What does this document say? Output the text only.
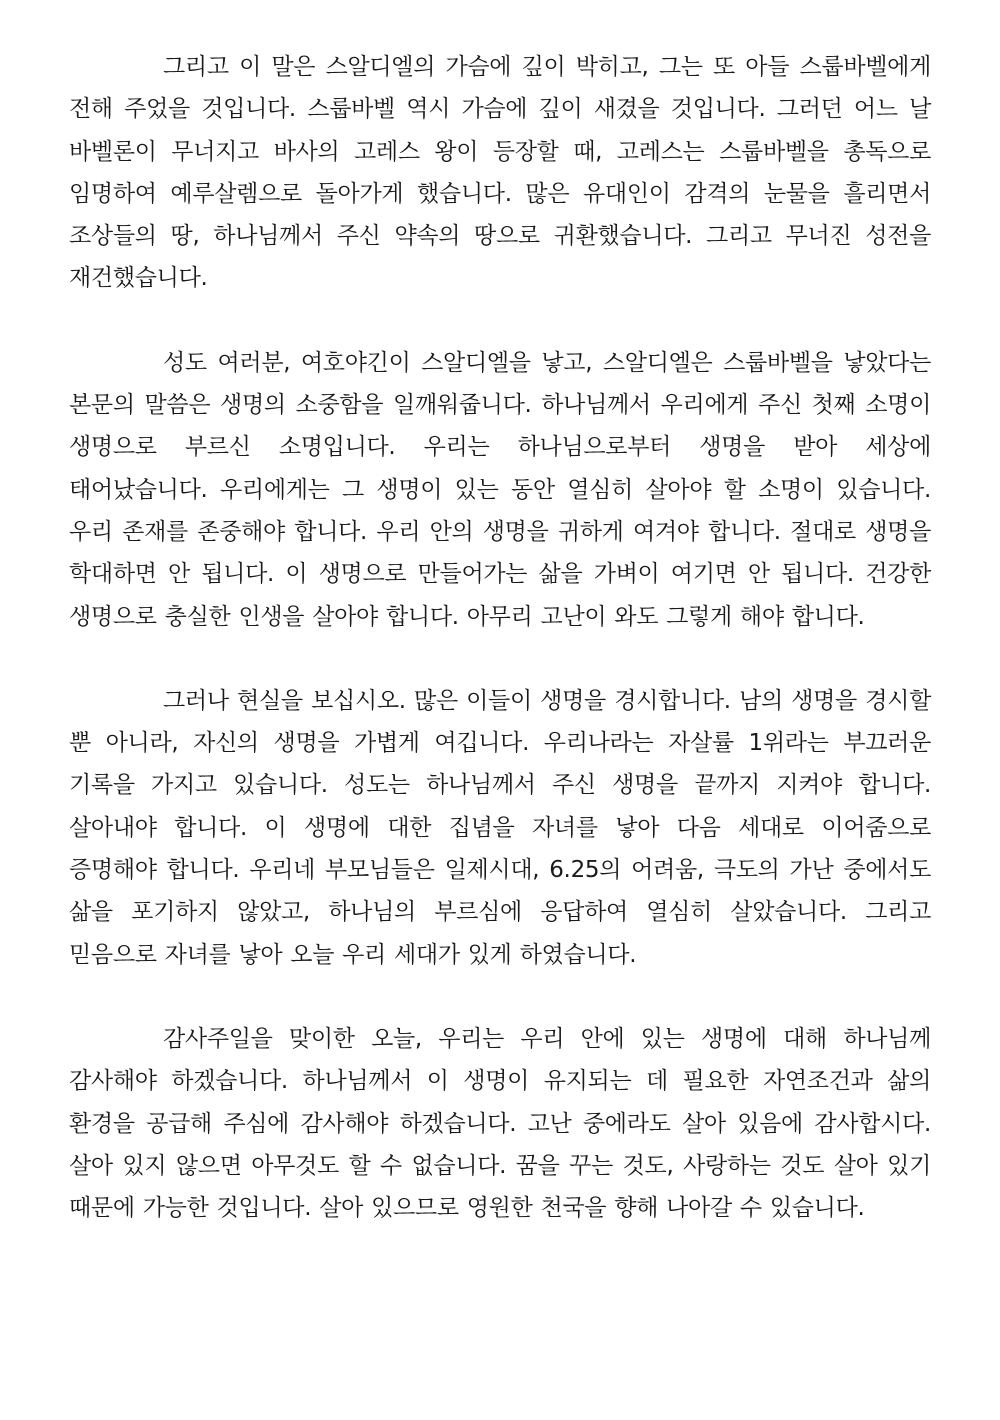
그리고 이 말은 스알디엘의 가슴에 깊이 박히고, 그는 또 아들 스룹바벨에게 전해 주었을 것입니다. 스룹바벨 역시 가슴에 깊이 새겼을 것입니다. 그러던 어느 날 바벨론이 무너지고 바사의 고레스 왕이 등장할 때, 고레스는 스룹바벨을 총독으로 임명하여 예루살렘으로 돌아가게 했습니다. 많은 유대인이 감격의 눈물을 흘리면서 조상들의 땅, 하나님께서 주신 약속의 땅으로 귀환했습니다. 그리고 무너진 성전을 재건했습니다.

성도 여러분, 여호야긴이 스알디엘을 낳고, 스알디엘은 스룹바벨을 낳았다는 본문의 말씀은 생명의 소중함을 일깨워줍니다. 하나님께서 우리에게 주신 첫째 소명이 생명으로 부르신 소명입니다. 우리는 하나님으로부터 생명을 받아 세상에 태어났습니다. 우리에게는 그 생명이 있는 동안 열심히 살아야 할 소명이 있습니다. 우리 존재를 존중해야 합니다. 우리 안의 생명을 귀하게 여겨야 합니다. 절대로 생명을 학대하면 안 됩니다. 이 생명으로 만들어가는 삶을 가벼이 여기면 안 됩니다. 건강한 생명으로 충실한 인생을 살아야 합니다. 아무리 고난이 와도 그렇게 해야 합니다.

그러나 현실을 보십시오. 많은 이들이 생명을 경시합니다. 남의 생명을 경시할 뿐 아니라, 자신의 생명을 가볍게 여깁니다. 우리나라는 자살률 1위라는 부끄러운 기록을 가지고 있습니다. 성도는 하나님께서 주신 생명을 끝까지 지켜야 합니다. 살아내야 합니다. 이 생명에 대한 집념을 자녀를 낳아 다음 세대로 이어줌으로 증명해야 합니다. 우리네 부모님들은 일제시대, 6.25의 어려움, 극도의 가난 중에서도 삶을 포기하지 않았고, 하나님의 부르심에 응답하여 열심히 살았습니다. 그리고 믿음으로 자녀를 낳아 오늘 우리 세대가 있게 하였습니다.

감사주일을 맞이한 오늘, 우리는 우리 안에 있는 생명에 대해 하나님께 감사해야 하겠습니다. 하나님께서 이 생명이 유지되는 데 필요한 자연조건과 삶의 환경을 공급해 주심에 감사해야 하겠습니다. 고난 중에라도 살아 있음에 감사합시다. 살아 있지 않으면 아무것도 할 수 없습니다. 꿈을 꾸는 것도, 사랑하는 것도 살아 있기 때문에 가능한 것입니다. 살아 있으므로 영원한 천국을 향해 나아갈 수 있습니다.
